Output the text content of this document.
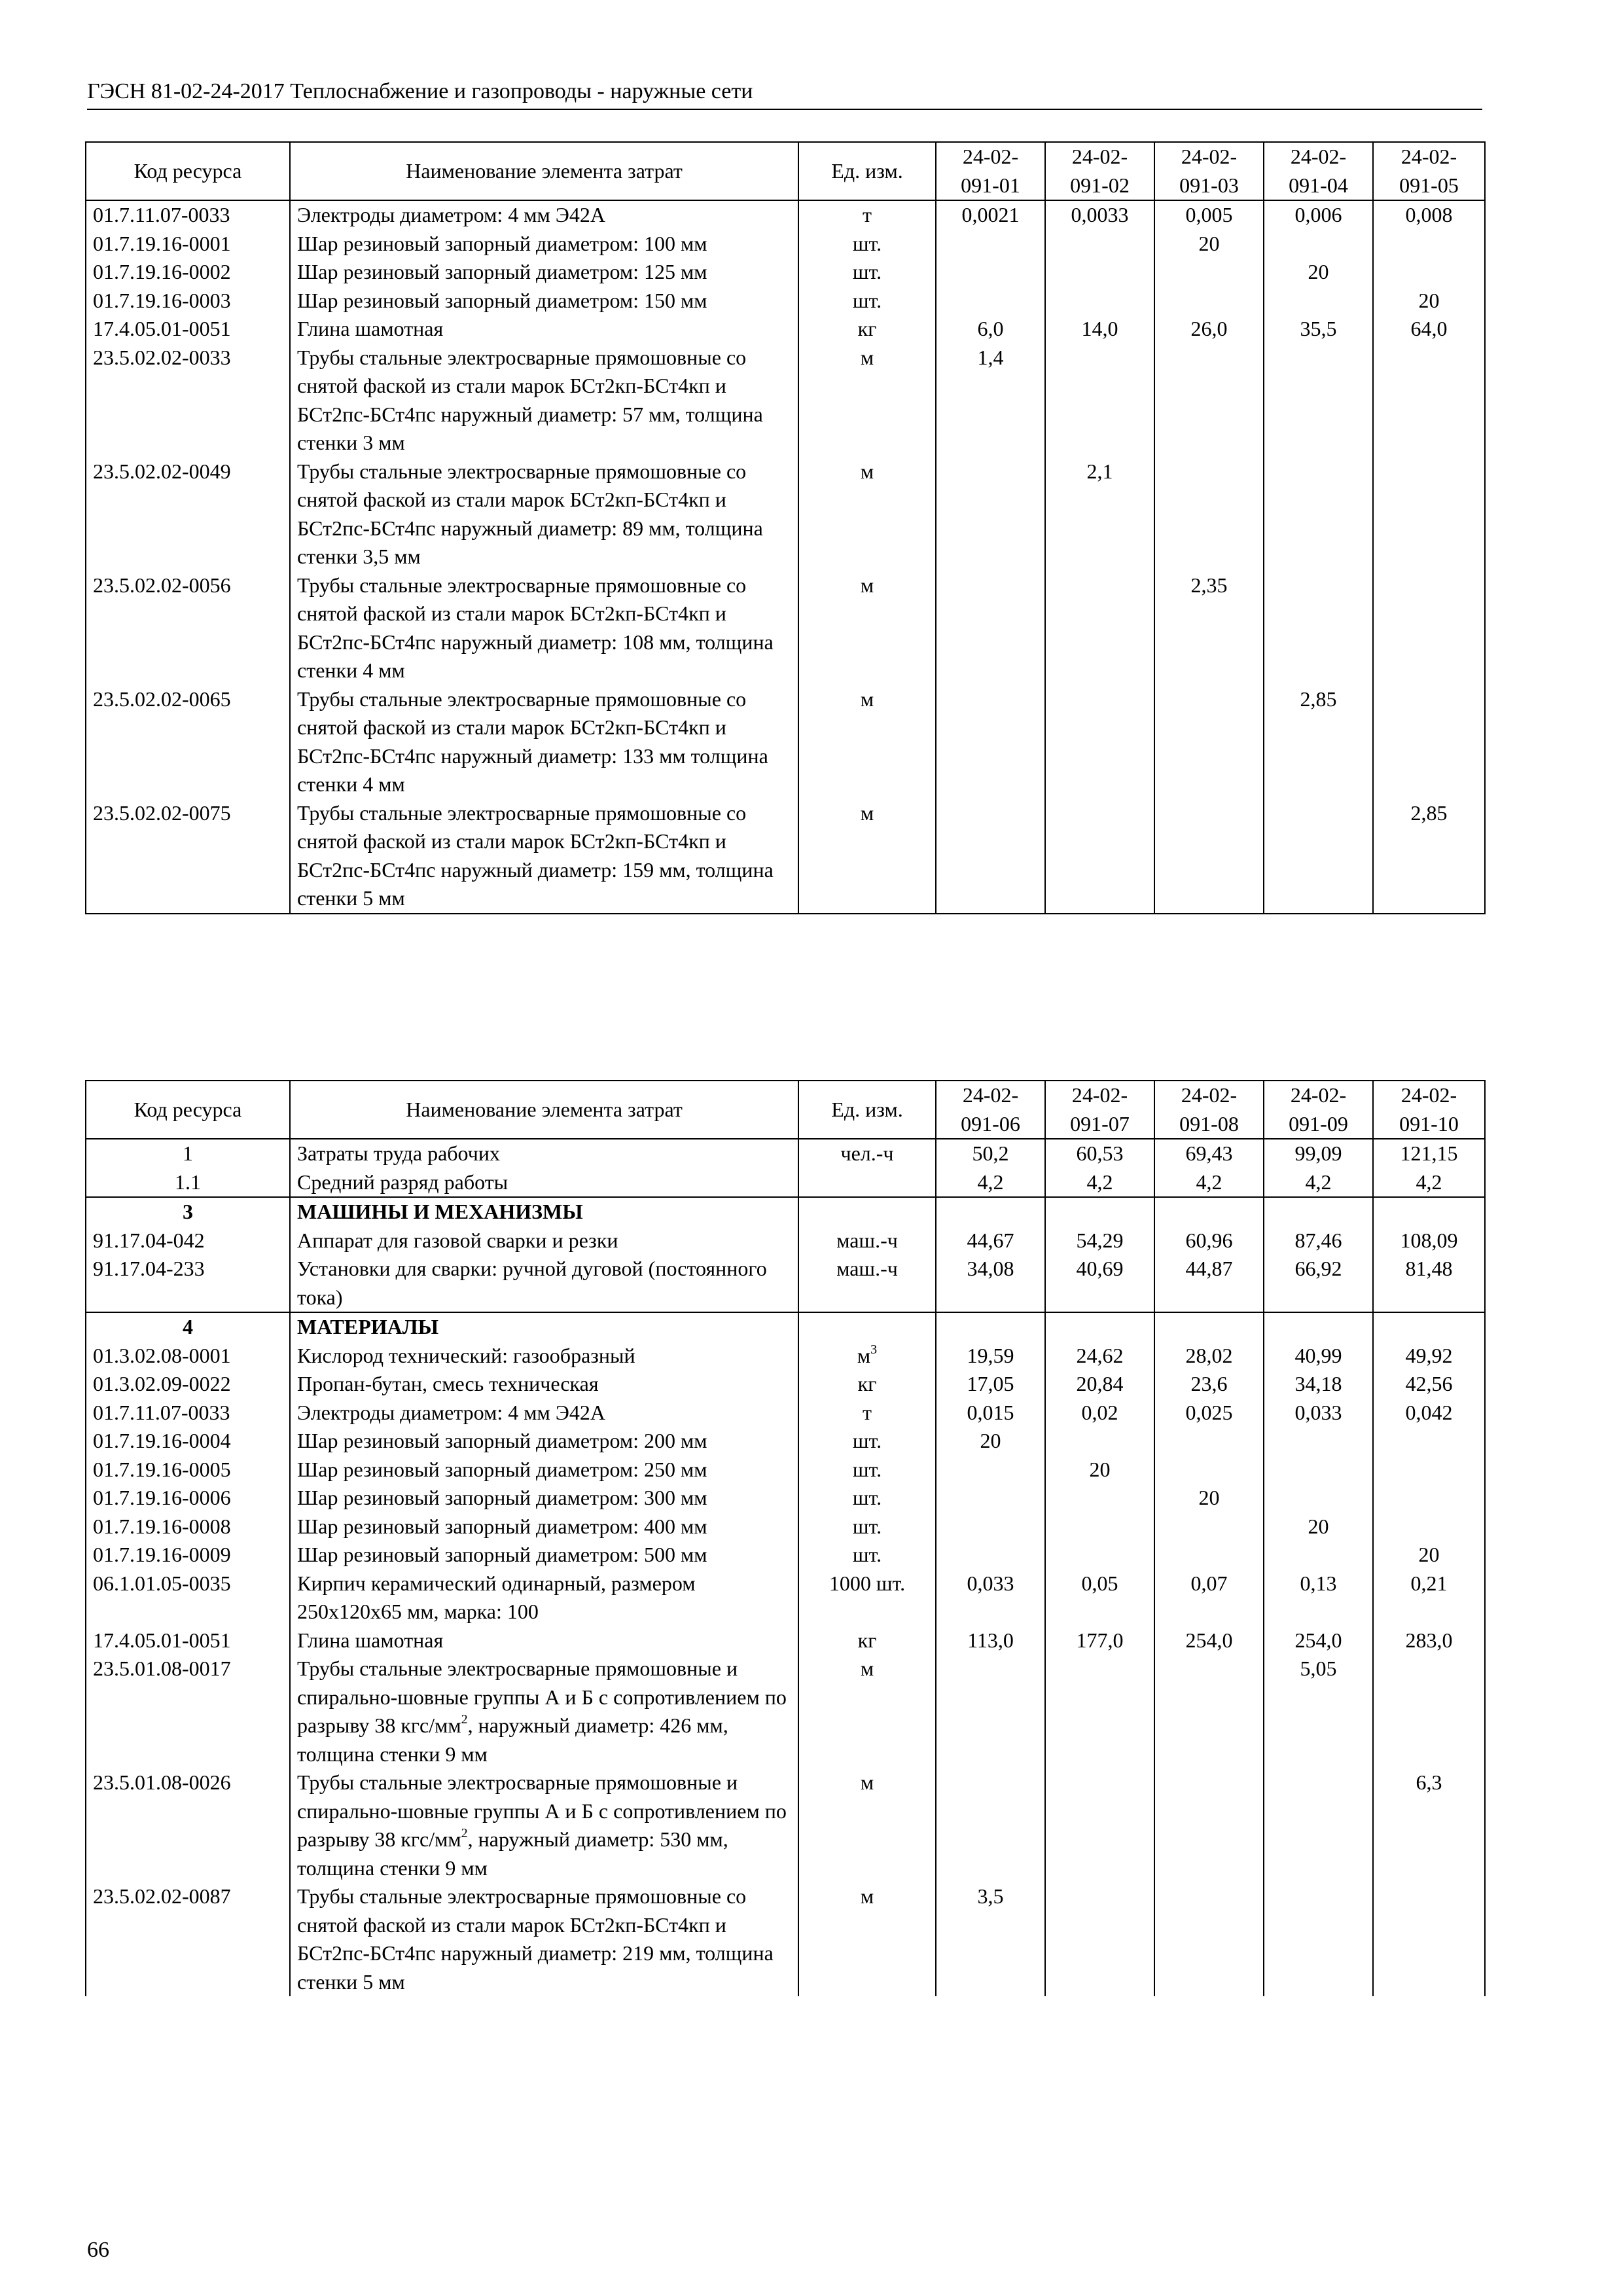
ГЭСН 81-02-24-2017 Теплоснабжение и газопроводы - наружные сети
Код ресурса	Наименование элемента затрат	Ед. изм.	24-02-
091-01	24-02-
091-02	24-02-
091-03	24-02-
091-04	24-02-
091-05
01.7.11.07-0033	Электроды диаметром: 4 мм Э42А	т	0,0021	0,0033	0,005	0,006	0,008
01.7.19.16-0001	Шар резиновый запорный диаметром: 100 мм	шт.			20		
01.7.19.16-0002	Шар резиновый запорный диаметром: 125 мм	шт.				20	
01.7.19.16-0003	Шар резиновый запорный диаметром: 150 мм	шт.					20
17.4.05.01-0051	Глина шамотная	кг	6,0	14,0	26,0	35,5	64,0
23.5.02.02-0033	Трубы стальные электросварные прямошовные со снятой фаской из стали марок БСт2кп-БСт4кп и БСт2пс-БСт4пс наружный диаметр: 57 мм, толщина стенки 3 мм	м	1,4				
23.5.02.02-0049	Трубы стальные электросварные прямошовные со снятой фаской из стали марок БСт2кп-БСт4кп и БСт2пс-БСт4пс наружный диаметр: 89 мм, толщина стенки 3,5 мм	м		2,1			
23.5.02.02-0056	Трубы стальные электросварные прямошовные со снятой фаской из стали марок БСт2кп-БСт4кп и БСт2пс-БСт4пс наружный диаметр: 108 мм, толщина стенки 4 мм	м			2,35		
23.5.02.02-0065	Трубы стальные электросварные прямошовные со снятой фаской из стали марок БСт2кп-БСт4кп и БСт2пс-БСт4пс наружный диаметр: 133 мм толщина стенки 4 мм	м				2,85	
23.5.02.02-0075	Трубы стальные электросварные прямошовные со снятой фаской из стали марок БСт2кп-БСт4кп и БСт2пс-БСт4пс наружный диаметр: 159 мм, толщина стенки 5 мм	м					2,85
Код ресурса	Наименование элемента затрат	Ед. изм.	24-02-
091-06	24-02-
091-07	24-02-
091-08	24-02-
091-09	24-02-
091-10
1	Затраты труда рабочих	чел.-ч	50,2	60,53	69,43	99,09	121,15
1.1	Средний разряд работы		4,2	4,2	4,2	4,2	4,2
3	МАШИНЫ И МЕХАНИЗМЫ						
91.17.04-042	Аппарат для газовой сварки и резки	маш.-ч	44,67	54,29	60,96	87,46	108,09
91.17.04-233	Установки для сварки: ручной дуговой (постоянного тока)	маш.-ч	34,08	40,69	44,87	66,92	81,48
4	МАТЕРИАЛЫ						
01.3.02.08-0001	Кислород технический: газообразный	$м^3$	19,59	24,62	28,02	40,99	49,92
01.3.02.09-0022	Пропан-бутан, смесь техническая	кг	17,05	20,84	23,6	34,18	42,56
01.7.11.07-0033	Электроды диаметром: 4 мм Э42А	т	0,015	0,02	0,025	0,033	0,042
01.7.19.16-0004	Шар резиновый запорный диаметром: 200 мм	шт.	20				
01.7.19.16-0005	Шар резиновый запорный диаметром: 250 мм	шт.		20			
01.7.19.16-0006	Шар резиновый запорный диаметром: 300 мм	шт.			20		
01.7.19.16-0008	Шар резиновый запорный диаметром: 400 мм	шт.				20	
01.7.19.16-0009	Шар резиновый запорный диаметром: 500 мм	шт.					20
06.1.01.05-0035	Кирпич керамический одинарный, размером 250х120х65 мм, марка: 100	1000 шт.	0,033	0,05	0,07	0,13	0,21
17.4.05.01-0051	Глина шамотная	кг	113,0	177,0	254,0	254,0	283,0
23.5.01.08-0017	Трубы стальные электросварные прямошовные и спирально-шовные группы А и Б с сопротивлением по разрыву 38 кгс/$мм^2$, наружный диаметр: 426 мм, толщина стенки 9 мм	м				5,05	
23.5.01.08-0026	Трубы стальные электросварные прямошовные и спирально-шовные группы А и Б с сопротивлением по разрыву 38 кгс/$мм^2$, наружный диаметр: 530 мм, толщина стенки 9 мм	м					6,3
23.5.02.02-0087	Трубы стальные электросварные прямошовные со снятой фаской из стали марок БСт2кп-БСт4кп и БСт2пс-БСт4пс наружный диаметр: 219 мм, толщина стенки 5 мм	м	3,5				
66
